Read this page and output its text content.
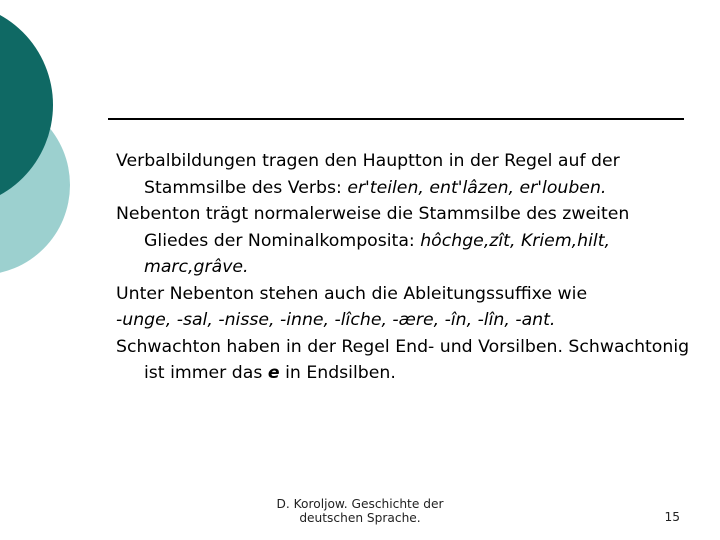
Verbalbildungen tragen den Hauptton in der Regel auf der Stammsilbe des Verbs: er'teilen, ent'lâzen, er'louben.

Nebenton trägt normalerweise die Stammsilbe des zweiten Gliedes der Nominalkomposita: hôchge,zît, Kriem,hilt, marc,grâve.

Unter Nebenton stehen auch die Ableitungssuffixe wie

-unge, -sal, -nisse, -inne, -lîche, -ære, -în, -lîn, -ant.

Schwachton haben in der Regel End- und Vorsilben. Schwachtonig ist immer das e in Endsilben.

D. Koroljow. Geschichte der
deutschen Sprache.	15
